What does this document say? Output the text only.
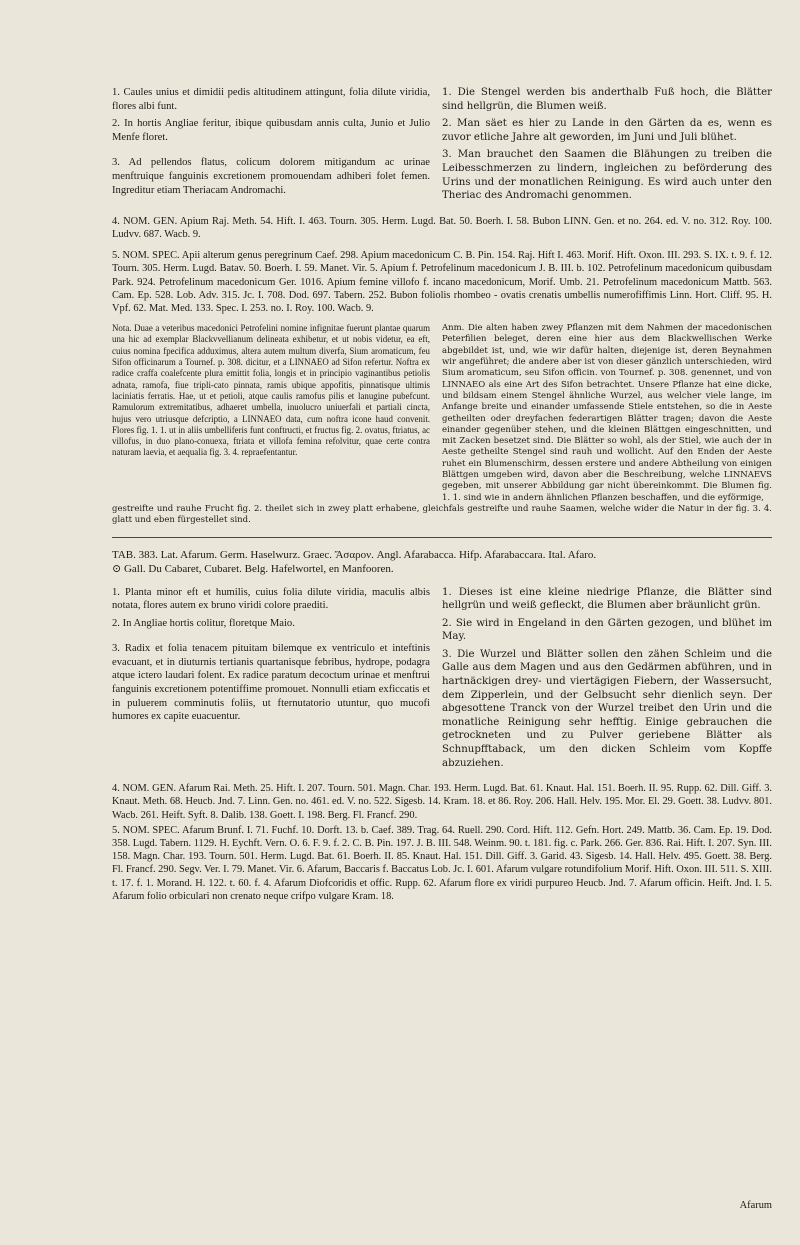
1. Caules unius et dimidii pedis altitudinem attingunt, folia dilute viridia, flores albi funt.

2. In hortis Angliae feritur, ibique quibusdam annis culta, Junio et Julio Menfe floret.

3. Ad pellendos flatus, colicum dolorem mitigandum ac urinae menftruique fanguinis excretionem promouendam adhiberi folet femen. Ingreditur etiam Theriacam Andromachi.

1. Die Stengel werden bis anderthalb Fuß hoch, die Blätter sind hellgrün, die Blumen weiß.

2. Man säet es hier zu Lande in den Gärten da es, wenn es zuvor etliche Jahre alt geworden, im Juni und Juli blühet.

3. Man brauchet den Saamen die Blähungen zu treiben die Leibesschmerzen zu lindern, ingleichen zu beförderung des Urins und der monatlichen Reinigung. Es wird auch unter den Theriac des Andromachi genommen.

4. NOM. GEN. Apium Raj. Meth. 54. Hift. I. 463. Tourn. 305. Herm. Lugd. Bat. 50. Boerh. I. 58. Bubon LINN. Gen. et no. 264. ed. V. no. 312. Roy. 100. Ludvv. 687. Wacb. 9.

5. NOM. SPEC. Apii alterum genus peregrinum Caef. 298. Apium macedonicum C. B. Pin. 154. Raj. Hift I. 463. Morif. Hift. Oxon. III. 293. S. IX. t. 9. f. 12. Tourn. 305. Herm. Lugd. Batav. 50. Boerh. I. 59. Manet. Vir. 5. Apium f. Petrofelinum macedonicum J. B. III. b. 102. Petrofelinum macedonicum quibusdam Park. 924. Petrofelinum macedonicum Ger. 1016. Apium femine villofo f. incano macedonicum, Morif. Umb. 21. Petrofelinum macedonicum Mattb. 563. Cam. Ep. 528. Lob. Adv. 315. Jc. I. 708. Dod. 697. Tabern. 252. Bubon foliolis rhombeo - ovatis crenatis umbellis numerofiffimis Linn. Hort. Cliff. 95. H. Vpf. 62. Mat. Med. 133. Spec. I. 253. no. I. Roy. 100. Wacb. 9.

Nota. Duae a veteribus macedonici Petrofelini nomine infignitae fuerunt plantae quarum una hic ad exemplar Blackvvellianum delineata exhibetur, et ut nobis videtur, ea eft, cuius nomina fpecifica adduximus, altera autem multum diverfa, Sium aromaticum, feu Sifon officinarum a Tournef. p. 308. dicitur, et a LINNAEO ad Sifon refertur. Noftra ex radice craffa coalefcente plura emittit folia, longis et in principio vaginantibus petiolis adnata, ramofa, fiue tripli-cato pinnata, ramis ubique appofitis, pinnatisque ultimis laciniatis ferratis. Hae, ut et petioli, atque caulis ramofus pilis et lanugine pubefcunt. Ramulorum extremitatibus, adhaeret umbella, inuolucro uniuerfali et partiali cincta, hujus vero utriusque defcriptio, a LINNAEO data, cum noftra icone haud convenit. Flores fig. 1. 1. ut in aliis umbelliferis funt conftructi, et fructus fig. 2. ovatus, ftriatus, ac villofus, in duo plano-conuexa, ftriata et villofa femina refolvitur, quae certe contra naturam laevia, et aequalia fig. 3. 4. repraefentantur.

Anm. Die alten haben zwey Pflanzen mit dem Nahmen der macedonischen Peterfilien beleget, deren eine hier aus dem Blackwellischen Werke abgebildet ist, und, wie wir dafür halten, diejenige ist, deren Beynahmen wir angeführet; die andere aber ist von dieser gänzlich unterschieden, wird Sium aromaticum, seu Sifon officin. von Tournef. p. 308. genennet, und von LINNAEO als eine Art des Sifon betrachtet. Unsere Pflanze hat eine dicke, und bildsam einem Stengel ähnliche Wurzel, aus welcher viele lange, im Anfange breite und einander umfassende Stiele entstehen, so die in Aeste getheilten oder dreyfachen federartigen Blätter tragen; davon die Aeste einander gegenüber stehen, und die kleinen Blättgen eingeschnitten, und mit Zacken besetzet sind. Die Blätter so wohl, als der Stiel, wie auch der in Aeste getheilte Stengel sind rauh und wollicht. Auf den Enden der Aeste ruhet ein Blumenschirm, dessen erstere und andere Abtheilung von einigen Blättgen umgeben wird, davon aber die Beschreibung, welche LINNAEVS gegeben, mit unserer Abbildung gar nicht übereinkommt. Die Blumen fig. 1. 1. sind wie in andern ähnlichen Pflanzen beschaffen, und die eyförmige,

gestreifte und rauhe Frucht fig. 2. theilet sich in zwey platt erhabene, gleichfals gestreifte und rauhe Saamen, welche wider die Natur in der fig. 3. 4. glatt und eben fürgestellet sind.

TAB. 383. Lat. Afarum. Germ. Haselwurz. Graec. Ἄσαρον. Angl. Afarabacca. Hifp. Afarabaccara. Ital. Afaro.

⊙ Gall. Du Cabaret, Cubaret. Belg. Hafelwortel, en Manfooren.

1. Planta minor eft et humilis, cuius folia dilute viridia, maculis albis notata, flores autem ex bruno viridi colore praediti.

2. In Angliae hortis colitur, floretque Maio.

3. Radix et folia tenacem pituitam bilemque ex ventriculo et inteftinis evacuant, et in diuturnis tertianis quartanisque febribus, hydrope, podagra atque ictero laudari folent. Ex radice paratum decoctum urinae et menftrui fanguinis excretionem potentiffime promouet. Nonnulli etiam exficcatis et in puluerem comminutis foliis, ut fternutatorio utuntur, quo mucofi humores ex capite euacuentur.

1. Dieses ist eine kleine niedrige Pflanze, die Blätter sind hellgrün und weiß gefleckt, die Blumen aber bräunlicht grün.

2. Sie wird in Engeland in den Gärten gezogen, und blühet im May.

3. Die Wurzel und Blätter sollen den zähen Schleim und die Galle aus dem Magen und aus den Gedärmen abführen, und in hartnäckigen drey- und viertägigen Fiebern, der Wassersucht, dem Zipperlein, und der Gelbsucht sehr dienlich seyn. Der abgesottene Tranck von der Wurzel treibet den Urin und die monatliche Reinigung sehr hefftig. Einige gebrauchen die getrockneten und zu Pulver geriebene Blätter als Schnupfftaback, um den dicken Schleim vom Kopffe abzuziehen.

4. NOM. GEN. Afarum Rai. Meth. 25. Hift. I. 207. Tourn. 501. Magn. Char. 193. Herm. Lugd. Bat. 61. Knaut. Hal. 151. Boerh. II. 95. Rupp. 62. Dill. Giff. 3. Knaut. Meth. 68. Heucb. Jnd. 7. Linn. Gen. no. 461. ed. V. no. 522. Sigesb. 14. Kram. 18. et 86. Roy. 206. Hall. Helv. 195. Mor. El. 29. Goett. 38. Ludvv. 801. Wacb. 261. Heift. Syft. 8. Dalib. 138. Goett. I. 198. Berg. Fl. Francf. 290.

5. NOM. SPEC. Afarum Brunf. I. 71. Fuchf. 10. Dorft. 13. b. Caef. 389. Trag. 64. Ruell. 290. Cord. Hift. 112. Gefn. Hort. 249. Mattb. 36. Cam. Ep. 19. Dod. 358. Lugd. Tabern. 1129. H. Eychft. Vern. O. 6. F. 9. f. 2. C. B. Pin. 197. J. B. III. 548. Weinm. 90. t. 181. fig. c. Park. 266. Ger. 836. Rai. Hift. I. 207. Syn. III. 158. Magn. Char. 193. Tourn. 501. Herm. Lugd. Bat. 61. Boerh. II. 85. Knaut. Hal. 151. Dill. Giff. 3. Garid. 43. Sigesb. 14. Hall. Helv. 495. Goett. 38. Berg. Fl. Francf. 290. Segv. Ver. I. 79. Manet. Vir. 6. Afarum, Baccaris f. Baccatus Lob. Jc. I. 601. Afarum vulgare rotundifolium Morif. Hift. Oxon. III. 511. S. XIII. t. 17. f. 1. Morand. H. 122. t. 60. f. 4. Afarum Diofcoridis et offic. Rupp. 62. Afarum flore ex viridi purpureo Heucb. Jnd. 7. Afarum officin. Heift. Jnd. I. 5. Afarum folio orbiculari non crenato neque crifpo vulgare Kram. 18.

Afarum
